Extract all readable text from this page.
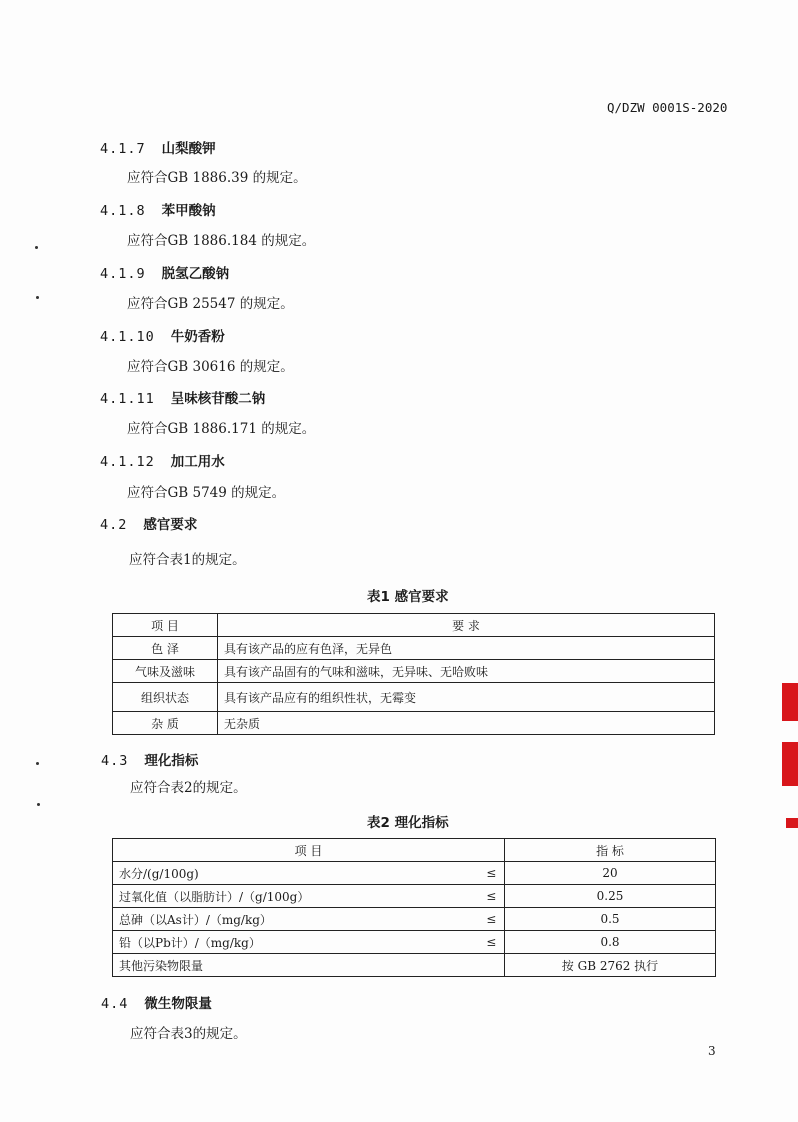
Q/DZW 0001S-2020
4.1.7 山梨酸钾
应符合GB 1886.39 的规定。
4.1.8 苯甲酸钠
应符合GB 1886.184 的规定。
4.1.9 脱氢乙酸钠
应符合GB 25547 的规定。
4.1.10 牛奶香粉
应符合GB 30616 的规定。
4.1.11 呈味核苷酸二钠
应符合GB 1886.171 的规定。
4.1.12 加工用水
应符合GB 5749 的规定。
4.2 感官要求
应符合表1的规定。
表1 感官要求
项 目	要 求
色 泽	具有该产品的应有色泽，无异色
气味及滋味	具有该产品固有的气味和滋味，无异味、无哈败味
组织状态	具有该产品应有的组织性状，无霉变
杂 质	无杂质
4.3 理化指标
应符合表2的规定。
表2 理化指标
项 目		指 标
水分/(g/100g)	≤	20
过氧化值（以脂肪计）/（g/100g）	≤	0.25
总砷（以As计）/（mg/kg）	≤	0.5
铅（以Pb计）/（mg/kg）	≤	0.8
其他污染物限量		按 GB 2762 执行
4.4 微生物限量
应符合表3的规定。
3
